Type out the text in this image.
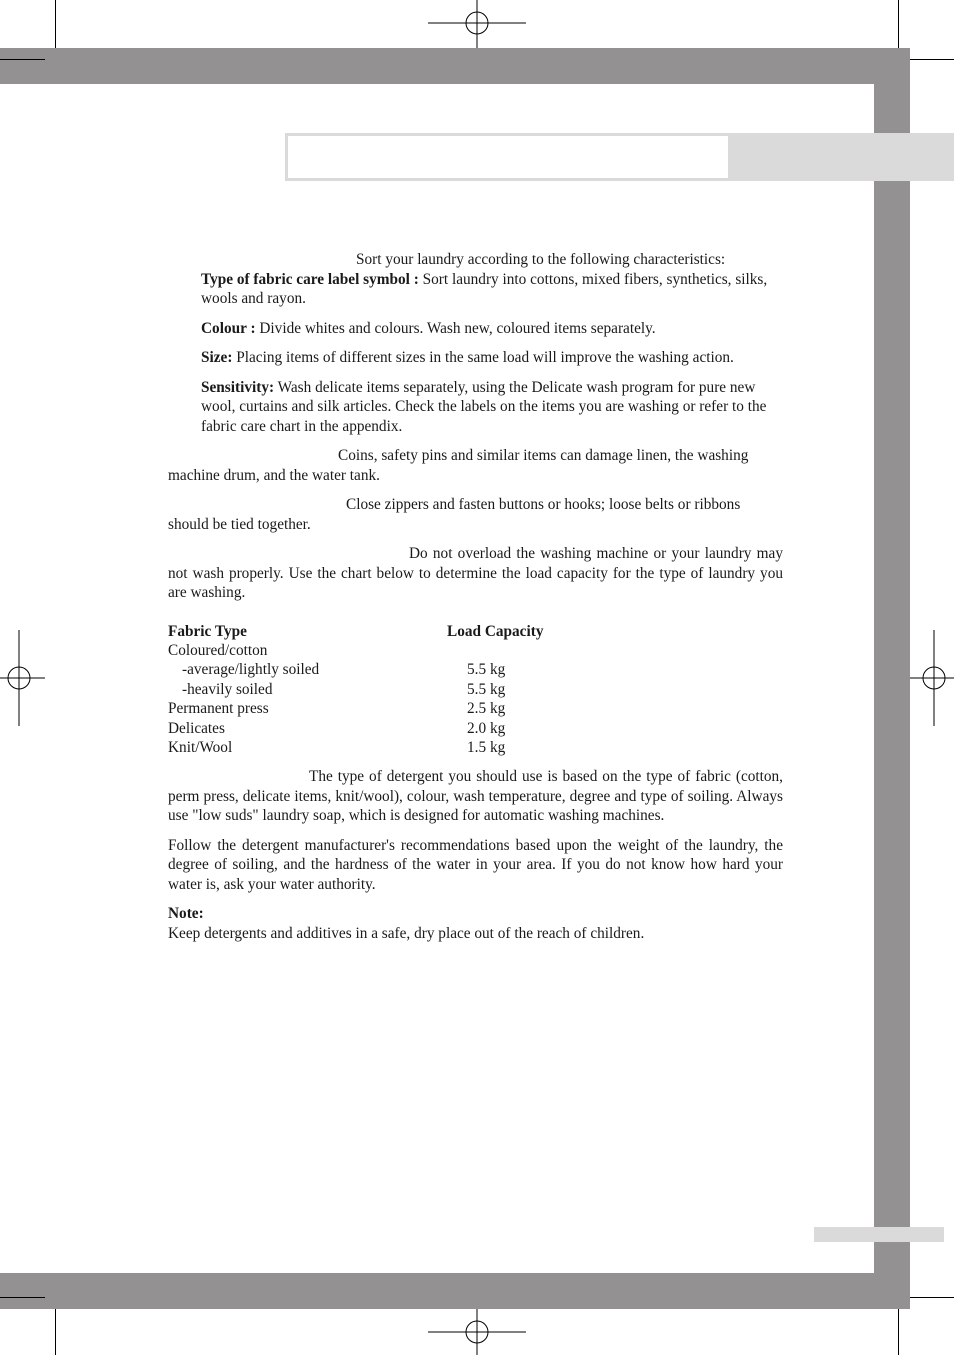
Sort your laundry according to the following characteristics:

Type of fabric care label symbol : Sort laundry into cottons, mixed fibers, synthetics, silks, wools and rayon.

Colour : Divide whites and colours. Wash new, coloured items separately.

Size: Placing items of different sizes in the same load will improve the washing action.

Sensitivity: Wash delicate items separately, using the Delicate wash program for pure new wool, curtains and silk articles. Check the labels on the items you are washing or refer to the fabric care chart in the appendix.

Coins, safety pins and similar items can damage linen, the washing machine drum, and the water tank.

Close zippers and fasten buttons or hooks; loose belts or ribbons should be tied together.

Do not overload the washing machine or your laundry may not wash properly. Use the chart below to determine the load capacity for the type of laundry you are washing.

Fabric Type	Load Capacity
Coloured/cotton	
-average/lightly soiled	5.5 kg
-heavily soiled	5.5 kg
Permanent press	2.5 kg
Delicates	2.0 kg
Knit/Wool	1.5 kg

The type of detergent you should use is based on the type of fabric (cotton, perm press, delicate items, knit/wool), colour, wash temperature, degree and type of soiling. Always use "low suds" laundry soap, which is designed for automatic washing machines.

Follow the detergent manufacturer's recommendations based upon the weight of the laundry, the degree of soiling, and the hardness of the water in your area. If you do not know how hard your water is, ask your water authority.

Note:

Keep detergents and additives in a safe, dry place out of the reach of children.
